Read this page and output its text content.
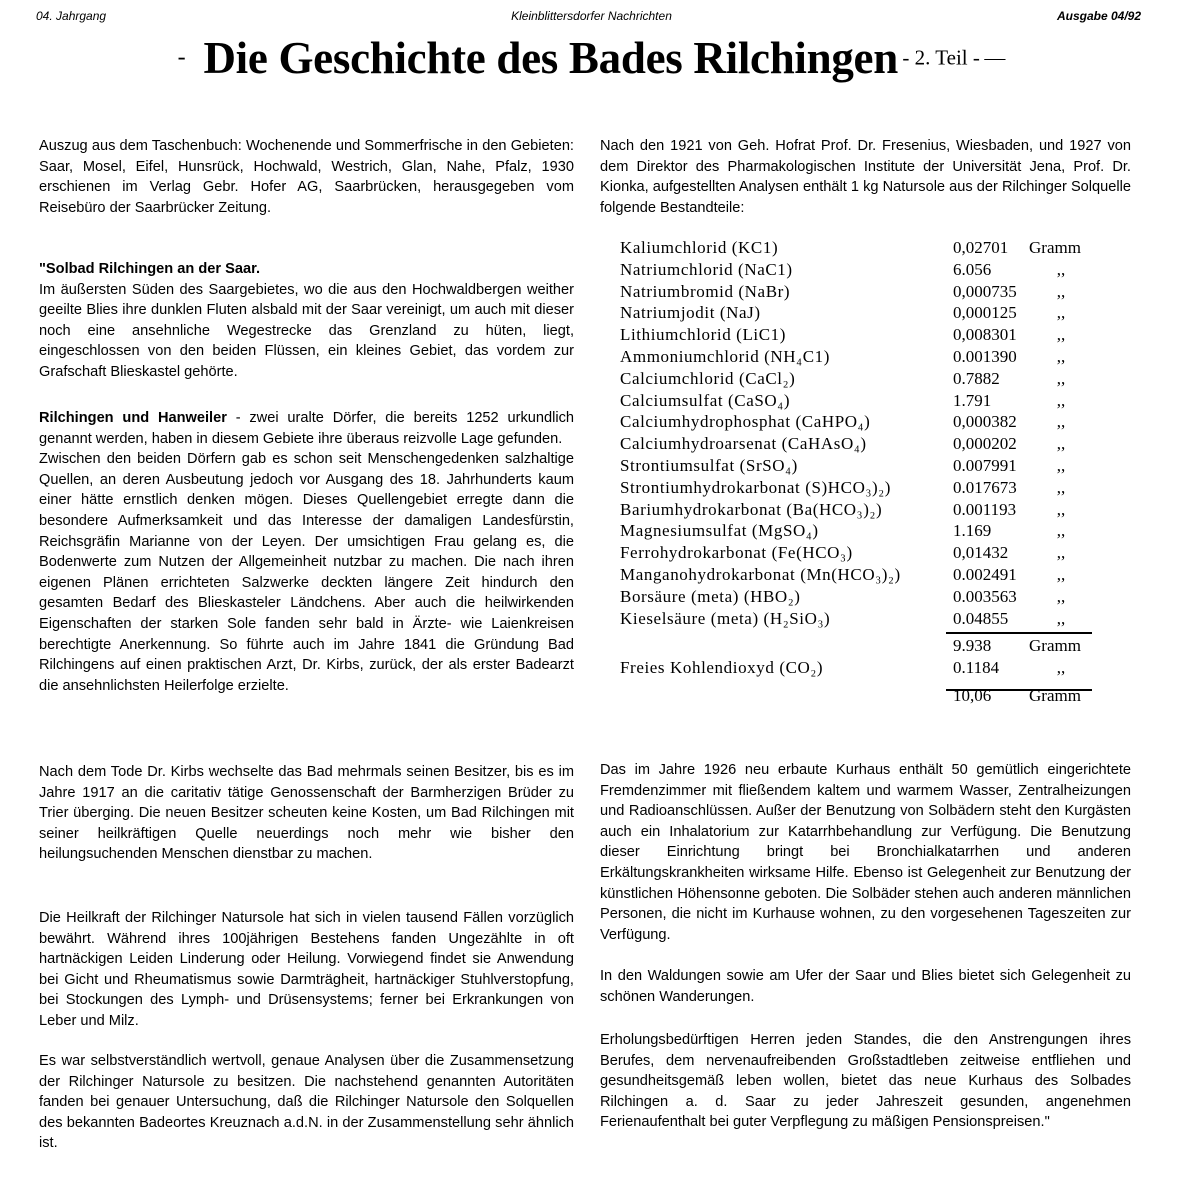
04. Jahrgang	Kleinblittersdorfer Nachrichten	Ausgabe 04/92
- Die Geschichte des Bades Rilchingen - 2. Teil - —

Auszug aus dem Taschenbuch: Wochenende und Sommerfrische in den Gebieten: Saar, Mosel, Eifel, Hunsrück, Hochwald, Westrich, Glan, Nahe, Pfalz, 1930 erschienen im Verlag Gebr. Hofer AG, Saarbrücken, herausgegeben vom Reisebüro der Saarbrücker Zeitung.

"Solbad Rilchingen an der Saar.
Im äußersten Süden des Saargebietes, wo die aus den Hochwaldbergen weither geeilte Blies ihre dunklen Fluten alsbald mit der Saar vereinigt, um auch mit dieser noch eine ansehnliche Wegestrecke das Grenzland zu hüten, liegt, eingeschlossen von den beiden Flüssen, ein kleines Gebiet, das vordem zur Grafschaft Blieskastel gehörte.
Rilchingen und Hanweiler - zwei uralte Dörfer, die bereits 1252 urkundlich genannt werden, haben in diesem Gebiete ihre überaus reizvolle Lage gefunden.
Zwischen den beiden Dörfern gab es schon seit Menschengedenken salzhaltige Quellen, an deren Ausbeutung jedoch vor Ausgang des 18. Jahrhunderts kaum einer hätte ernstlich denken mögen. Dieses Quellengebiet erregte dann die besondere Aufmerksamkeit und das Interesse der damaligen Landesfürstin, Reichsgräfin Marianne von der Leyen. Der umsichtigen Frau gelang es, die Bodenwerte zum Nutzen der Allgemeinheit nutzbar zu machen. Die nach ihren eigenen Plänen errichteten Salzwerke deckten längere Zeit hindurch den gesamten Bedarf des Blieskasteler Ländchens. Aber auch die heilwirkenden Eigenschaften der starken Sole fanden sehr bald in Ärzte- wie Laienkreisen berechtigte Anerkennung. So führte auch im Jahre 1841 die Gründung Bad Rilchingens auf einen praktischen Arzt, Dr. Kirbs, zurück, der als erster Badearzt die ansehnlichsten Heilerfolge erzielte.

Nach dem Tode Dr. Kirbs wechselte das Bad mehrmals seinen Besitzer, bis es im Jahre 1917 an die caritativ tätige Genossenschaft der Barmherzigen Brüder zu Trier überging. Die neuen Besitzer scheuten keine Kosten, um Bad Rilchingen mit seiner heilkräftigen Quelle neuerdings noch mehr wie bisher den heilungsuchenden Menschen dienstbar zu machen.

Die Heilkraft der Rilchinger Natursole hat sich in vielen tausend Fällen vorzüglich bewährt. Während ihres 100jährigen Bestehens fanden Ungezählte in oft hartnäckigen Leiden Linderung oder Heilung. Vorwiegend findet sie Anwendung bei Gicht und Rheumatismus sowie Darmträgheit, hartnäckiger Stuhlverstopfung, bei Stockungen des Lymph- und Drüsensystems; ferner bei Erkrankungen von Leber und Milz.

Es war selbstverständlich wertvoll, genaue Analysen über die Zusammensetzung der Rilchinger Natursole zu besitzen. Die nachstehend genannten Autoritäten fanden bei genauer Untersuchung, daß die Rilchinger Natursole den Solquellen des bekannten Badeortes Kreuznach a.d.N. in der Zusammenstellung sehr ähnlich ist.

Nach den 1921 von Geh. Hofrat Prof. Dr. Fresenius, Wiesbaden, und 1927 von dem Direktor des Pharmakologischen Institute der Universität Jena, Prof. Dr. Kionka, aufgestellten Analysen enthält 1 kg Natursole aus der Rilchinger Solquelle folgende Bestandteile:

Kaliumchlorid (KC1)	0,02701	Gramm
Natriumchlorid (NaC1)	6.056	,,
Natriumbromid (NaBr)	0,000735	,,
Natriumjodit (NaJ)	0,000125	,,
Lithiumchlorid (LiC1)	0,008301	,,
Ammoniumchlorid (NH₄C1)	0.001390	,,
Calciumchlorid (CaCl₂)	0.7882	,,
Calciumsulfat (CaSO₄)	1.791	,,
Calciumhydrophosphat (CaHPO₄)	0,000382	,,
Calciumhydroarsenat (CaHAsO₄)	0,000202	,,
Strontiumsulfat (SrSO₄)	0.007991	,,
Strontiumhydrokarbonat (S)HCO₃)₂)	0.017673	,,
Bariumhydrokarbonat (Ba(HCO₃)₂)	0.001193	,,
Magnesiumsulfat (MgSO₄)	1.169	,,
Ferrohydrokarbonat (Fe(HCO₃)	0,01432	,,
Manganohydrokarbonat (Mn(HCO₃)₂)	0.002491	,,
Borsäure (meta) (HBO₂)	0.003563	,,
Kieselsäure (meta) (H₂SiO₃)	0.04855	,,
	9.938	Gramm
Freies Kohlendioxyd (CO₂)	0.1184	,,
	10,06	Gramm

Das im Jahre 1926 neu erbaute Kurhaus enthält 50 gemütlich eingerichtete Fremdenzimmer mit fließendem kaltem und warmem Wasser, Zentralheizungen und Radioanschlüssen. Außer der Benutzung von Solbädern steht den Kurgästen auch ein Inhalatorium zur Katarrhbehandlung zur Verfügung. Die Benutzung dieser Einrichtung bringt bei Bronchialkatarrhen und anderen Erkältungskrankheiten wirksame Hilfe. Ebenso ist Gelegenheit zur Benutzung der künstlichen Höhensonne geboten. Die Solbäder stehen auch anderen männlichen Personen, die nicht im Kurhause wohnen, zu den vorgesehenen Tageszeiten zur Verfügung.

In den Waldungen sowie am Ufer der Saar und Blies bietet sich Gelegenheit zu schönen Wanderungen.

Erholungsbedürftigen Herren jeden Standes, die den Anstrengungen ihres Berufes, dem nervenaufreibenden Großstadtleben zeitweise entfliehen und gesundheitsgemäß leben wollen, bietet das neue Kurhaus des Solbades Rilchingen a. d. Saar zu jeder Jahreszeit gesunden, angenehmen Ferienaufenthalt bei guter Verpflegung zu mäßigen Pensionspreisen."
